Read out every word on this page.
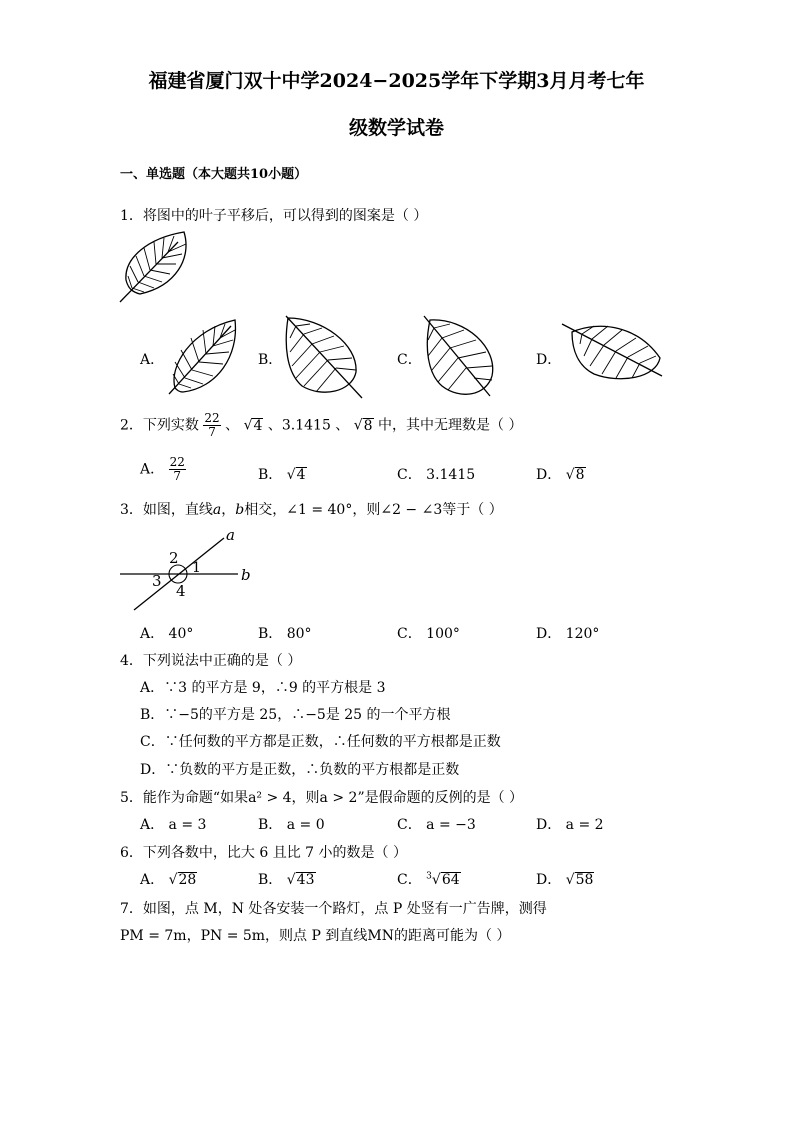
福建省厦门双十中学2024−2025学年下学期3月月考七年
级数学试卷
一、单选题（本大题共10小题）
1．将图中的叶子平移后，可以得到的图案是（ ）
A．	B．	C．	D．
2．下列实数 $\frac{22}{7}$ 、 √4 、3.1415 、 √8 中，其中无理数是（ ）
A． $\frac{22}{7}$	B． √4	C． 3.1415	D． √8
3．如图，直线a，b相交，∠1 = 40°，则∠2 − ∠3等于（ ）
a
b
1
2
3
4
A． 40°	B． 80°	C． 100°	D． 120°
4．下列说法中正确的是（ ）
A．∵3 的平方是 9，∴9 的平方根是 3
B．∵−5的平方是 25，∴−5是 25 的一个平方根
C．∵任何数的平方都是正数，∴任何数的平方根都是正数
D．∵负数的平方是正数，∴负数的平方根都是正数
5．能作为命题“如果a² > 4，则a > 2”是假命题的反例的是（ ）
A． a = 3	B． a = 0	C． a = −3	D． a = 2
6．下列各数中，比大 6 且比 7 小的数是（ ）
A． √28	B． √43	C． $^3$√64	D． √58
7．如图，点 M，N 处各安装一个路灯，点 P 处竖有一广告牌，测得
PM = 7m，PN = 5m，则点 P 到直线MN的距离可能为（ ）
